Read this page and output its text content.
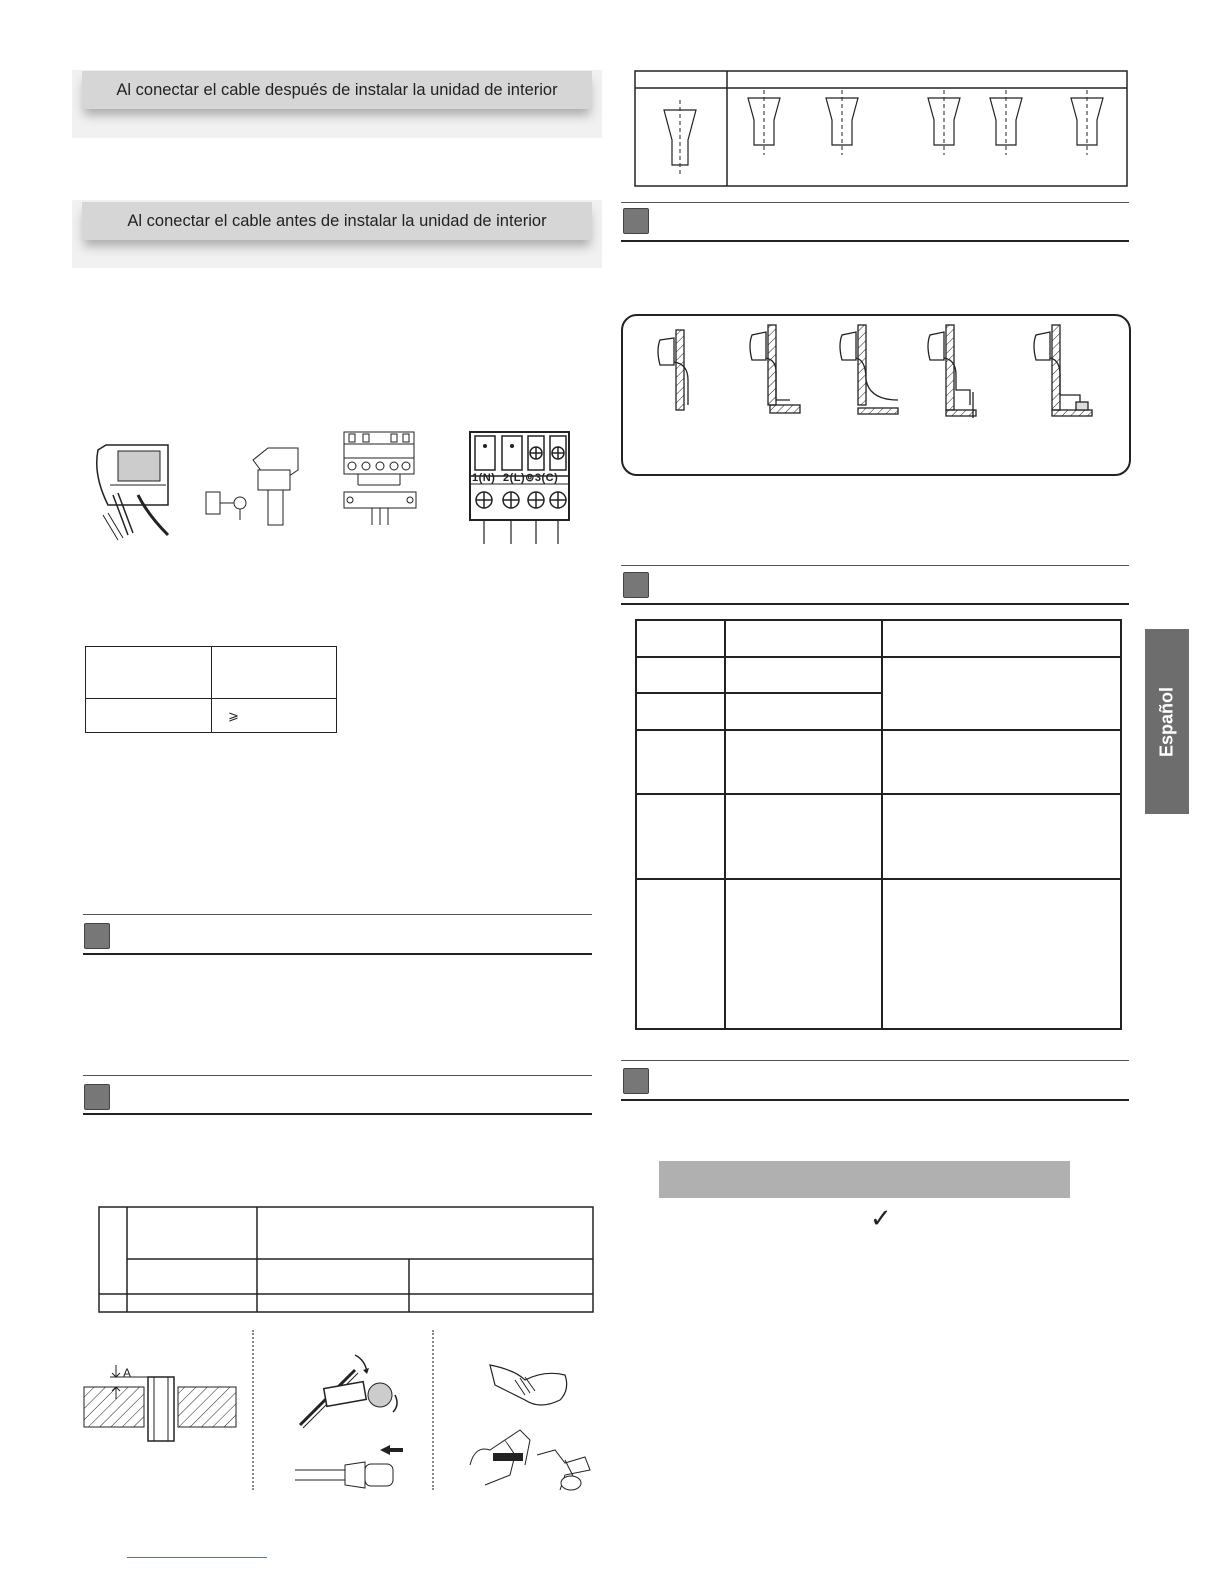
Al conectar el cable después de instalar la unidad de interior
Al conectar el cable antes de instalar la unidad de interior
1(N) 2(L)⊚3(C)

	⩾
A
✓
Español
